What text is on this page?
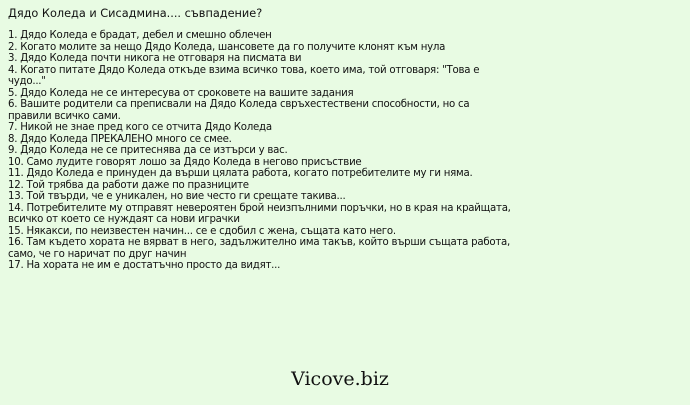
Дядо Коледа и Сисадмина.... съвпадение?
1. Дядо Коледа е брадат, дебел и смешно облечен
2. Когато молите за нещо Дядо Коледа, шансовете да го получите клонят към нула
3. Дядо Коледа почти никога не отговаря на писмата ви
4. Когато питате Дядо Коледа откъде взима всичко това, което има, той отговаря: "Това е
чудо..."
5. Дядо Коледа не се интересува от сроковете на вашите задания
6. Вашите родители са преписвали на Дядо Коледа свръхестествени способности, но са
правили всичко сами.
7. Никой не знае пред кого се отчита Дядо Коледа
8. Дядо Коледа ПРЕКАЛЕНО много се смее.
9. Дядо Коледа не се притеснява да се изтърси у вас.
10. Само лудите говорят лошо за Дядо Коледа в негово присъствие
11. Дядо Коледа е принуден да върши цялата работа, когато потребителите му ги няма.
12. Той трябва да работи даже по празниците
13. Той твърди, че е уникален, но вие често ги срещате такива...
14. Потребителите му отправят невероятен брой неизпълними поръчки, но в края на крайщата,
всичко от което се нуждаят са нови играчки
15. Някакси, по неизвестен начин... се е сдобил с жена, същата като него.
16. Там където хората не вярват в него, задължително има такъв, който върши същата работа,
само, че го наричат по друг начин
17. На хората не им е достатъчно просто да видят...
Vicove.biz
